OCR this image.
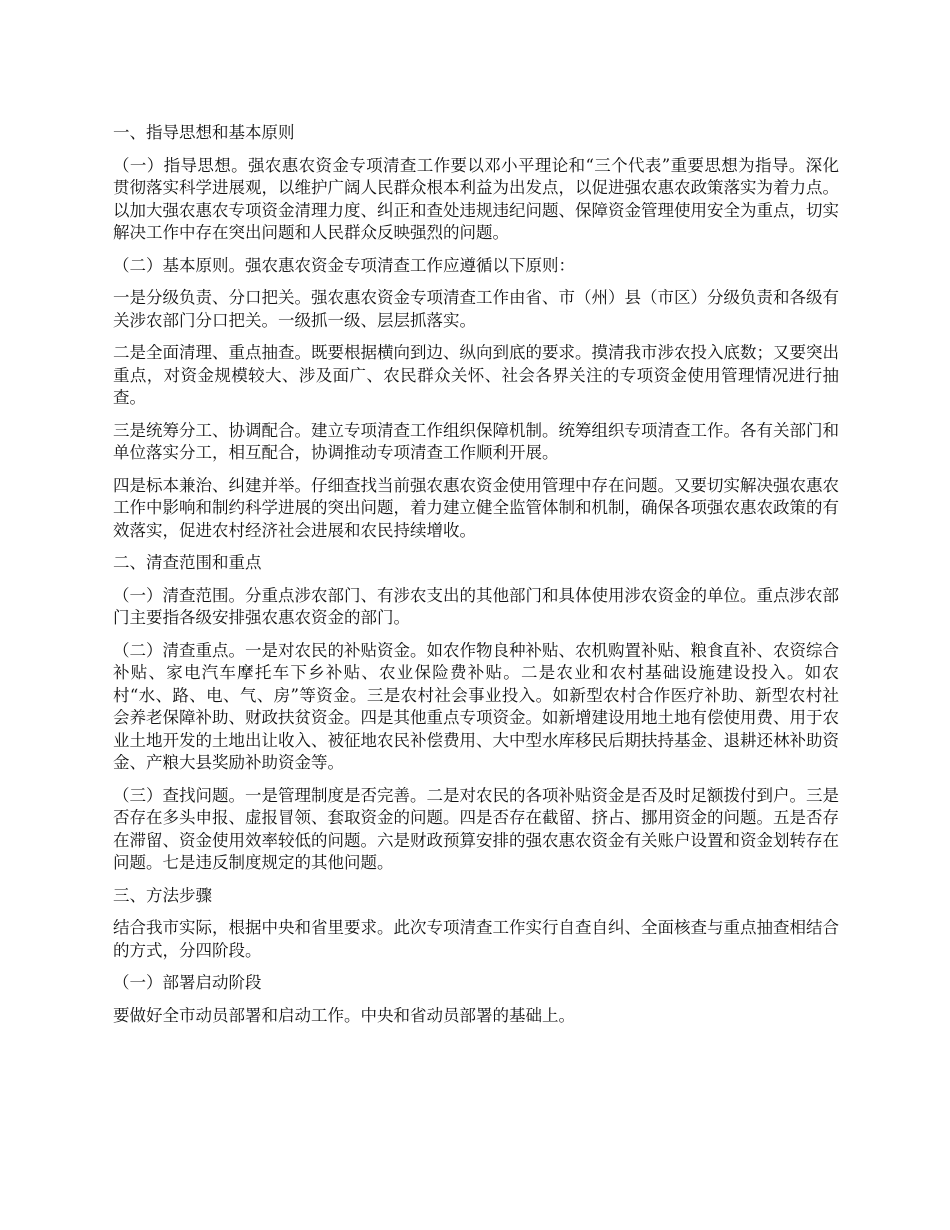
一、指导思想和基本原则

（一）指导思想。强农惠农资金专项清查工作要以邓小平理论和“三个代表”重要思想为指导。深化贯彻落实科学进展观，以维护广阔人民群众根本利益为出发点，以促进强农惠农政策落实为着力点。以加大强农惠农专项资金清理力度、纠正和查处违规违纪问题、保障资金管理使用安全为重点，切实解决工作中存在突出问题和人民群众反映强烈的问题。

（二）基本原则。强农惠农资金专项清查工作应遵循以下原则：

一是分级负责、分口把关。强农惠农资金专项清查工作由省、市（州）县（市区）分级负责和各级有关涉农部门分口把关。一级抓一级、层层抓落实。

二是全面清理、重点抽查。既要根据横向到边、纵向到底的要求。摸清我市涉农投入底数；又要突出重点，对资金规模较大、涉及面广、农民群众关怀、社会各界关注的专项资金使用管理情况进行抽查。

三是统筹分工、协调配合。建立专项清查工作组织保障机制。统筹组织专项清查工作。各有关部门和单位落实分工，相互配合，协调推动专项清查工作顺利开展。

四是标本兼治、纠建并举。仔细查找当前强农惠农资金使用管理中存在问题。又要切实解决强农惠农工作中影响和制约科学进展的突出问题，着力建立健全监管体制和机制，确保各项强农惠农政策的有效落实，促进农村经济社会进展和农民持续增收。

二、清查范围和重点

（一）清查范围。分重点涉农部门、有涉农支出的其他部门和具体使用涉农资金的单位。重点涉农部门主要指各级安排强农惠农资金的部门。

（二）清查重点。一是对农民的补贴资金。如农作物良种补贴、农机购置补贴、粮食直补、农资综合补贴、家电汽车摩托车下乡补贴、农业保险费补贴。二是农业和农村基础设施建设投入。如农村“水、路、电、气、房”等资金。三是农村社会事业投入。如新型农村合作医疗补助、新型农村社会养老保障补助、财政扶贫资金。四是其他重点专项资金。如新增建设用地土地有偿使用费、用于农业土地开发的土地出让收入、被征地农民补偿费用、大中型水库移民后期扶持基金、退耕还林补助资金、产粮大县奖励补助资金等。

（三）查找问题。一是管理制度是否完善。二是对农民的各项补贴资金是否及时足额拨付到户。三是否存在多头申报、虚报冒领、套取资金的问题。四是否存在截留、挤占、挪用资金的问题。五是否存在滞留、资金使用效率较低的问题。六是财政预算安排的强农惠农资金有关账户设置和资金划转存在问题。七是违反制度规定的其他问题。

三、方法步骤

结合我市实际，根据中央和省里要求。此次专项清查工作实行自查自纠、全面核查与重点抽查相结合的方式，分四阶段。

（一）部署启动阶段

要做好全市动员部署和启动工作。中央和省动员部署的基础上。
